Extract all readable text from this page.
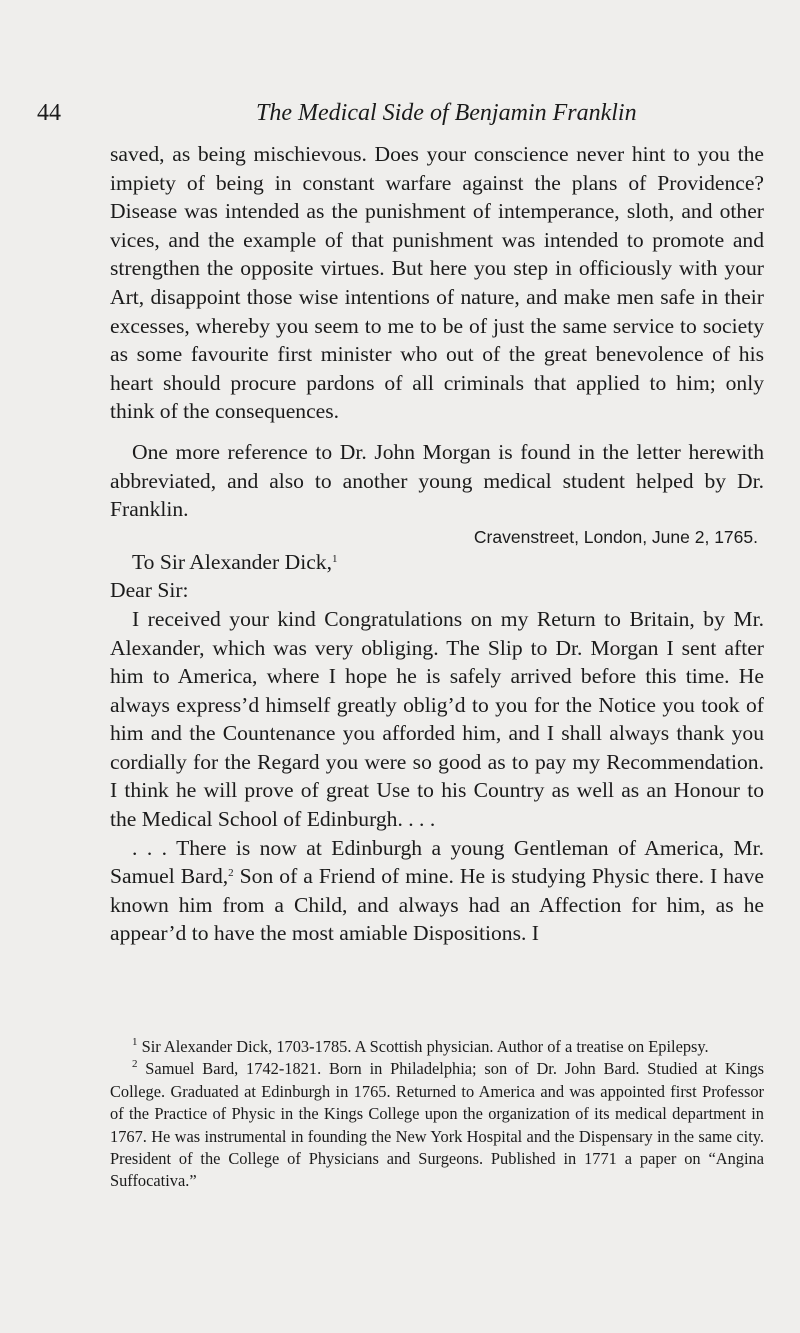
44	The Medical Side of Benjamin Franklin

saved, as being mischievous. Does your conscience never hint to you the impiety of being in constant warfare against the plans of Providence? Disease was intended as the punishment of intemperance, sloth, and other vices, and the example of that punishment was intended to promote and strengthen the opposite virtues. But here you step in officiously with your Art, disappoint those wise intentions of nature, and make men safe in their excesses, whereby you seem to me to be of just the same service to society as some favourite first minister who out of the great benevolence of his heart should procure pardons of all criminals that applied to him; only think of the consequences.

One more reference to Dr. John Morgan is found in the letter herewith abbreviated, and also to another young medical student helped by Dr. Franklin.

Cravenstreet, London, June 2, 1765.

To Sir Alexander Dick,$^1$

Dear Sir:

I received your kind Congratulations on my Return to Britain, by Mr. Alexander, which was very obliging. The Slip to Dr. Morgan I sent after him to America, where I hope he is safely arrived before this time. He always express’d himself greatly oblig’d to you for the Notice you took of him and the Countenance you afforded him, and I shall always thank you cordially for the Regard you were so good as to pay my Recommendation. I think he will prove of great Use to his Country as well as an Honour to the Medical School of Edinburgh. . . .

. . . There is now at Edinburgh a young Gentleman of America, Mr. Samuel Bard,$^2$ Son of a Friend of mine. He is studying Physic there. I have known him from a Child, and always had an Affection for him, as he appear’d to have the most amiable Dispositions. I

$^1$ Sir Alexander Dick, 1703-1785. A Scottish physician. Author of a treatise on Epilepsy.

$^2$ Samuel Bard, 1742-1821. Born in Philadelphia; son of Dr. John Bard. Studied at Kings College. Graduated at Edinburgh in 1765. Returned to America and was appointed first Professor of the Practice of Physic in the Kings College upon the organization of its medical department in 1767. He was instrumental in founding the New York Hospital and the Dispensary in the same city. President of the College of Physicians and Surgeons. Published in 1771 a paper on “Angina Suffocativa.”
